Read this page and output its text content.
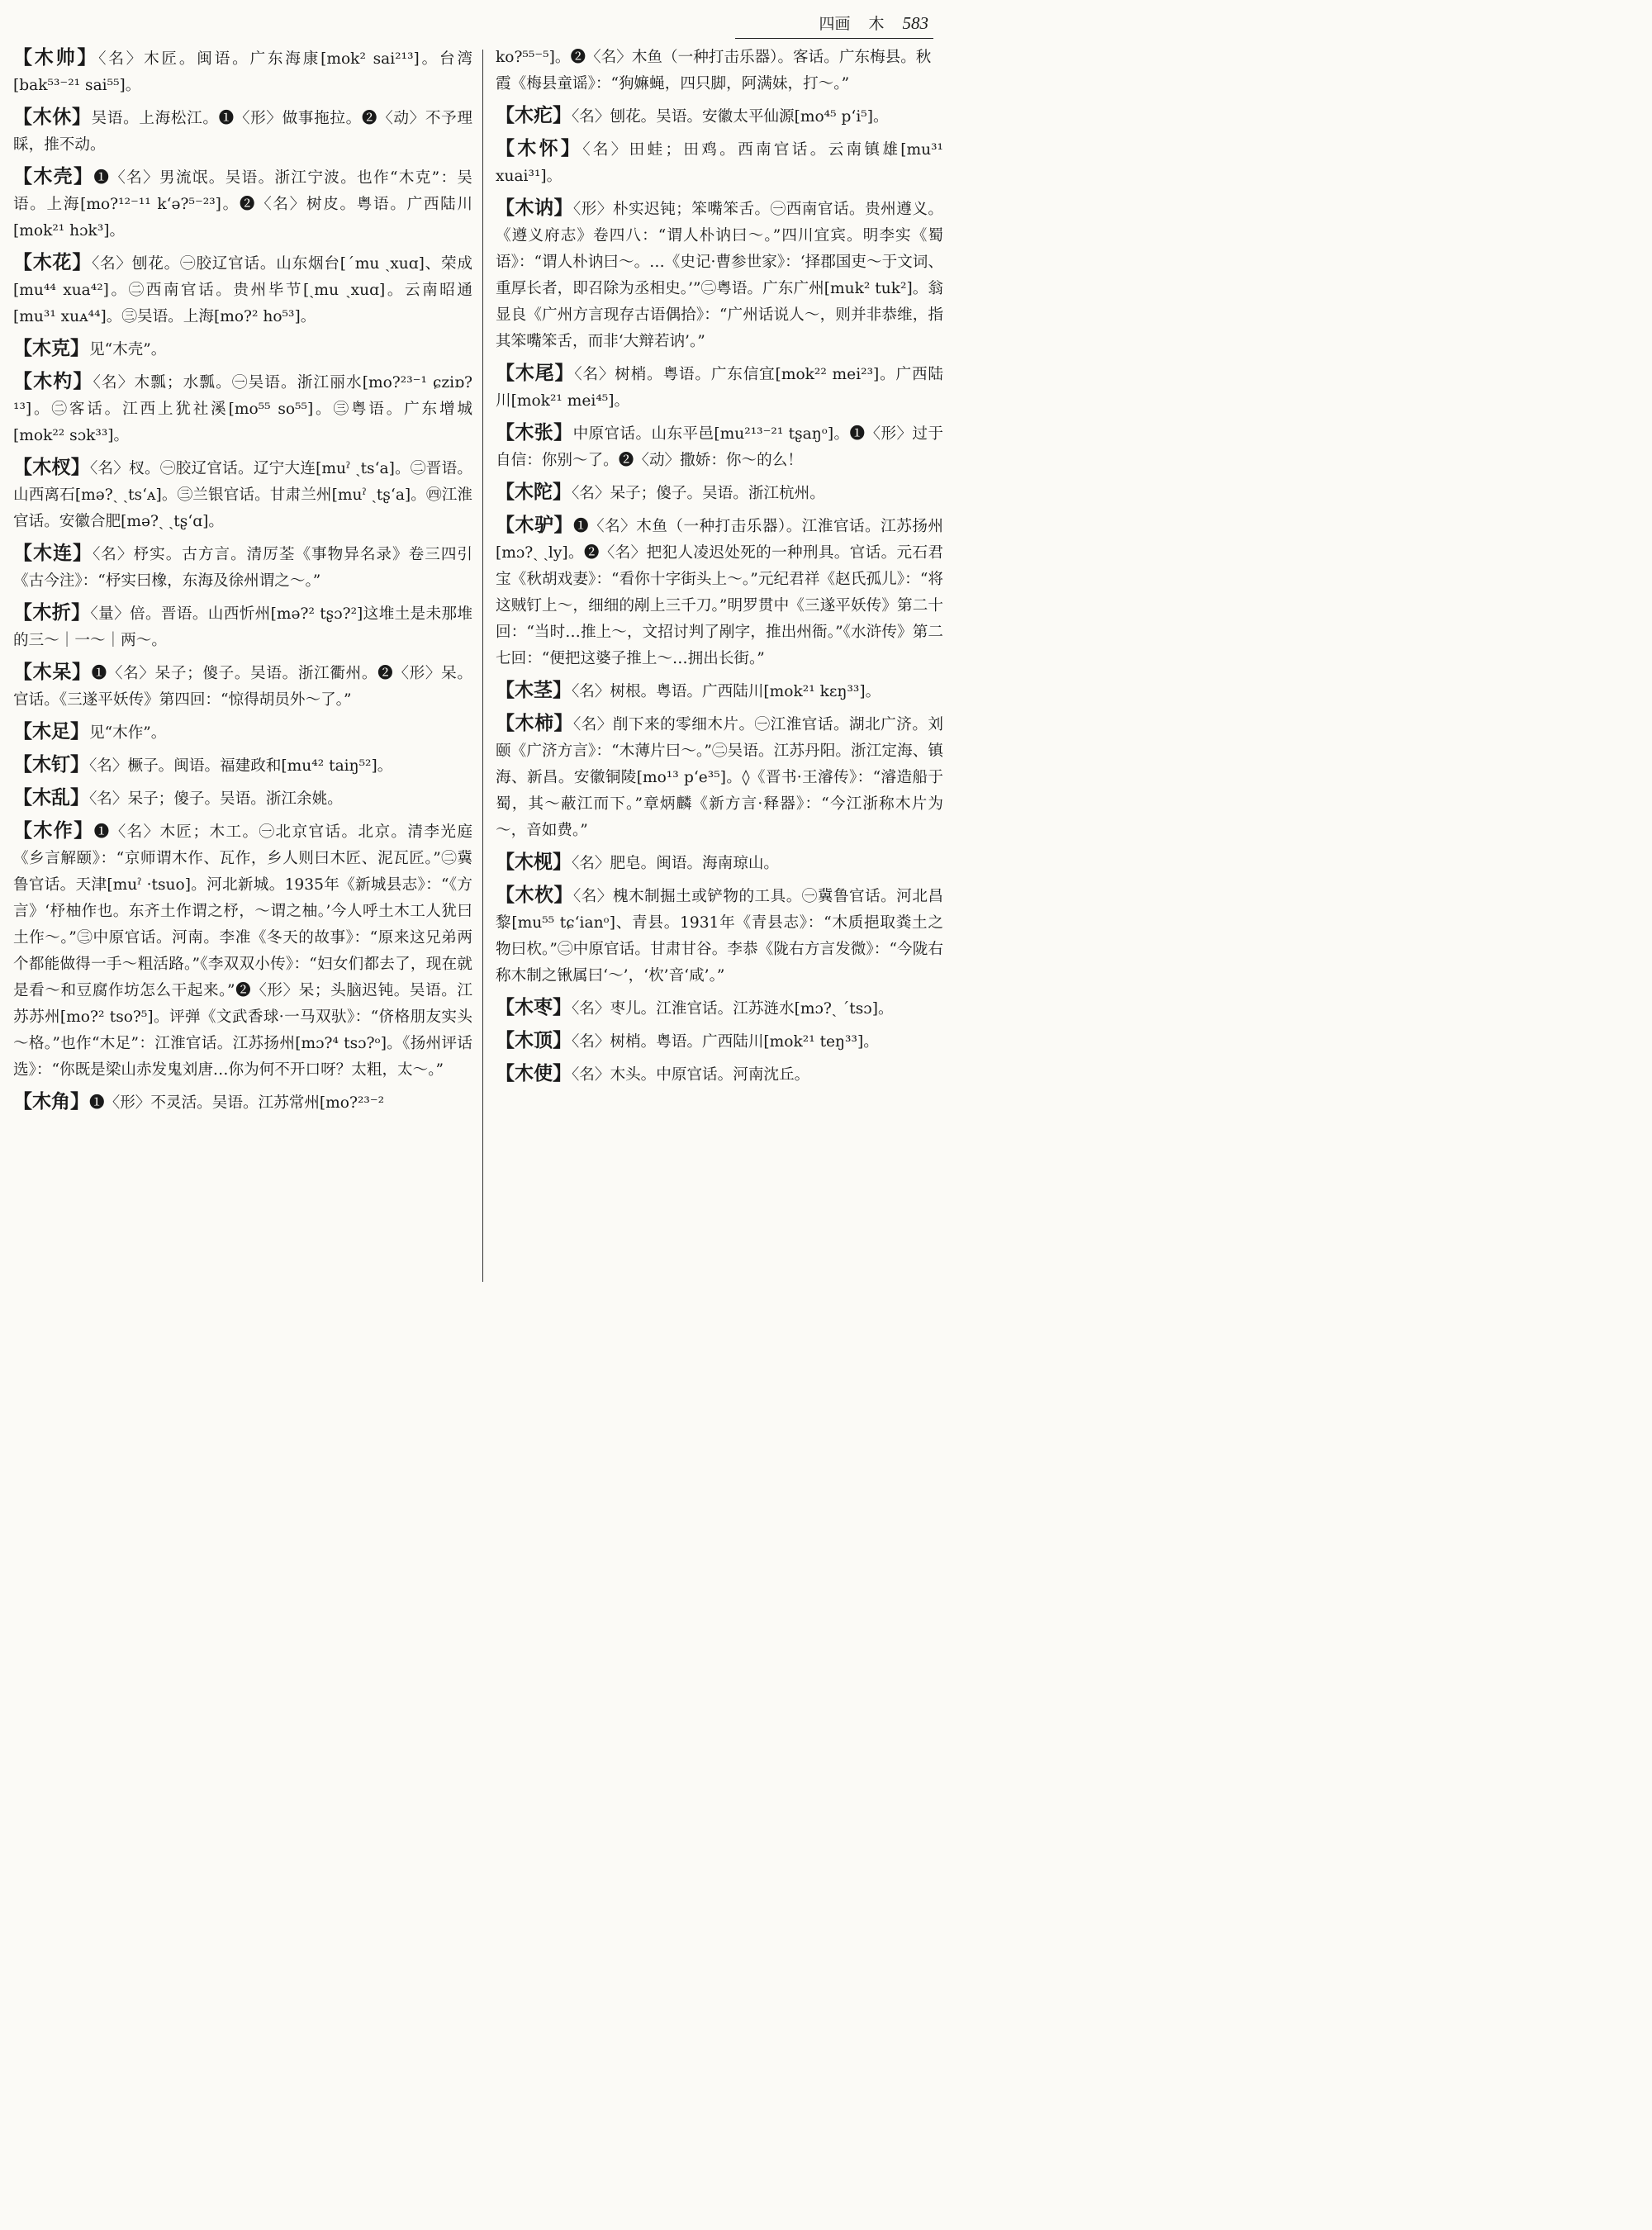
四画 木 583

【木帅】〈名〉木匠。闽语。广东海康[mok² sai²¹³]。台湾[bak⁵³⁻²¹ sai⁵⁵]。

【木休】吴语。上海松江。❶〈形〉做事拖拉。❷〈动〉不予理睬，推不动。

【木壳】❶〈名〉男流氓。吴语。浙江宁波。也作“木克”：吴语。上海[mo?¹²⁻¹¹ k‘ə?⁵⁻²³]。❷〈名〉树皮。粤语。广西陆川[mok²¹ hɔk³]。

【木花】〈名〉刨花。㊀胶辽官话。山东烟台[ˊmu ˏxuɑ]、荣成[mu⁴⁴ xua⁴²]。㊁西南官话。贵州毕节[ˏmu ˏxuɑ]。云南昭通[mu³¹ xuᴀ⁴⁴]。㊂吴语。上海[mo?² ho⁵³]。

【木克】见“木壳”。

【木杓】〈名〉木瓢；水瓢。㊀吴语。浙江丽水[mo?²³⁻¹ ɕziɒ?¹³]。㊁客话。江西上犹社溪[mo⁵⁵ so⁵⁵]。㊂粤语。广东增城[mok²² sɔk³³]。

【木杈】〈名〉杈。㊀胶辽官话。辽宁大连[muˀ ˏts‘a]。㊁晋语。山西离石[mə?ˏ ˏts‘ᴀ]。㊂兰银官话。甘肃兰州[muˀ ˏtʂ‘a]。㊃江淮官话。安徽合肥[mə?ˏ ˏtʂ‘ɑ]。

【木连】〈名〉杼实。古方言。清厉荃《事物异名录》卷三四引《古今注》：“杼实曰橡，东海及徐州谓之～。”

【木折】〈量〉倍。晋语。山西忻州[mə?² tʂɔ?²]这堆土是未那堆的三～｜一～｜两～。

【木呆】❶〈名〉呆子；傻子。吴语。浙江衢州。❷〈形〉呆。官话。《三遂平妖传》第四回：“惊得胡员外～了。”

【木足】见“木作”。

【木钉】〈名〉橛子。闽语。福建政和[mu⁴² taiŋ⁵²]。

【木乱】〈名〉呆子；傻子。吴语。浙江余姚。

【木作】❶〈名〉木匠；木工。㊀北京官话。北京。清李光庭《乡言解颐》：“京师谓木作、瓦作，乡人则曰木匠、泥瓦匠。”㊁冀鲁官话。天津[muˀ ·tsuo]。河北新城。1935年《新城县志》：“《方言》‘杼柚作也。东齐土作谓之杼，～谓之柚。’今人呼土木工人犹曰土作～。”㊂中原官话。河南。李准《冬天的故事》：“原来这兄弟两个都能做得一手～粗活路。”《李双双小传》：“妇女们都去了，现在就是看～和豆腐作坊怎么干起来。”❷〈形〉呆；头脑迟钝。吴语。江苏苏州[mo?² tso?⁵]。评弹《文武香球·一马双驮》：“侪格朋友实头～格。”也作“木足”：江淮官话。江苏扬州[mɔ?⁴ tsɔ?ᵒ]。《扬州评话选》：“你既是梁山赤发鬼刘唐…你为何不开口呀？太粗，太～。”

【木角】❶〈形〉不灵活。吴语。江苏常州[mo?²³⁻²

ko?⁵⁵⁻⁵]。❷〈名〉木鱼（一种打击乐器）。客话。广东梅县。秋霞《梅县童谣》：“狗嫲蝇，四只脚，阿满妹，打～。”

【木疕】〈名〉刨花。吴语。安徽太平仙源[mo⁴⁵ p‘i⁵]。

【木怀】〈名〉田蛙；田鸡。西南官话。云南镇雄[mu³¹ xuai³¹]。

【木讷】〈形〉朴实迟钝；笨嘴笨舌。㊀西南官话。贵州遵义。《遵义府志》卷四八：“谓人朴讷曰～。”四川宜宾。明李实《蜀语》：“谓人朴讷曰～。…《史记·曹参世家》：‘择郡国吏～于文词、重厚长者，即召除为丞相史。’”㊁粤语。广东广州[muk² tuk²]。翁显良《广州方言现存古语偶拾》：“广州话说人～，则并非恭维，指其笨嘴笨舌，而非‘大辩若讷’。”

【木尾】〈名〉树梢。粤语。广东信宜[mok²² mei²³]。广西陆川[mok²¹ mei⁴⁵]。

【木张】中原官话。山东平邑[mu²¹³⁻²¹ tʂaŋᵒ]。❶〈形〉过于自信：你别～了。❷〈动〉撒娇：你～的么！

【木陀】〈名〉呆子；傻子。吴语。浙江杭州。

【木驴】❶〈名〉木鱼（一种打击乐器）。江淮官话。江苏扬州[mɔ?ˏ ˏly]。❷〈名〉把犯人凌迟处死的一种刑具。官话。元石君宝《秋胡戏妻》：“看你十字街头上～。”元纪君祥《赵氏孤儿》：“将这贼钉上～，细细的剐上三千刀。”明罗贯中《三遂平妖传》第二十回：“当时…推上～，文招讨判了剐字，推出州衙。”《水浒传》第二七回：“便把这婆子推上～…拥出长街。”

【木茎】〈名〉树根。粤语。广西陆川[mok²¹ kɛŋ³³]。

【木柿】〈名〉削下来的零细木片。㊀江淮官话。湖北广济。刘颐《广济方言》：“木薄片曰～。”㊁吴语。江苏丹阳。浙江定海、镇海、新昌。安徽铜陵[mo¹³ p‘e³⁵]。◊《晋书·王濬传》：“濬造船于蜀，其～蔽江而下。”章炳麟《新方言·释器》：“今江浙称木片为～，音如费。”

【木枧】〈名〉肥皂。闽语。海南琼山。

【木杴】〈名〉槐木制掘土或铲物的工具。㊀冀鲁官话。河北昌黎[mu⁵⁵ tɕ‘ianᵒ]、青县。1931年《青县志》：“木质挹取粪土之物曰杴。”㊁中原官话。甘肃甘谷。李恭《陇右方言发微》：“今陇右称木制之锹属曰‘～’，‘杴’音‘咸’。”

【木枣】〈名〉枣儿。江淮官话。江苏涟水[mɔ?ˏ ˊtsɔ]。

【木顶】〈名〉树梢。粤语。广西陆川[mok²¹ teŋ³³]。

【木使】〈名〉木头。中原官话。河南沈丘。
